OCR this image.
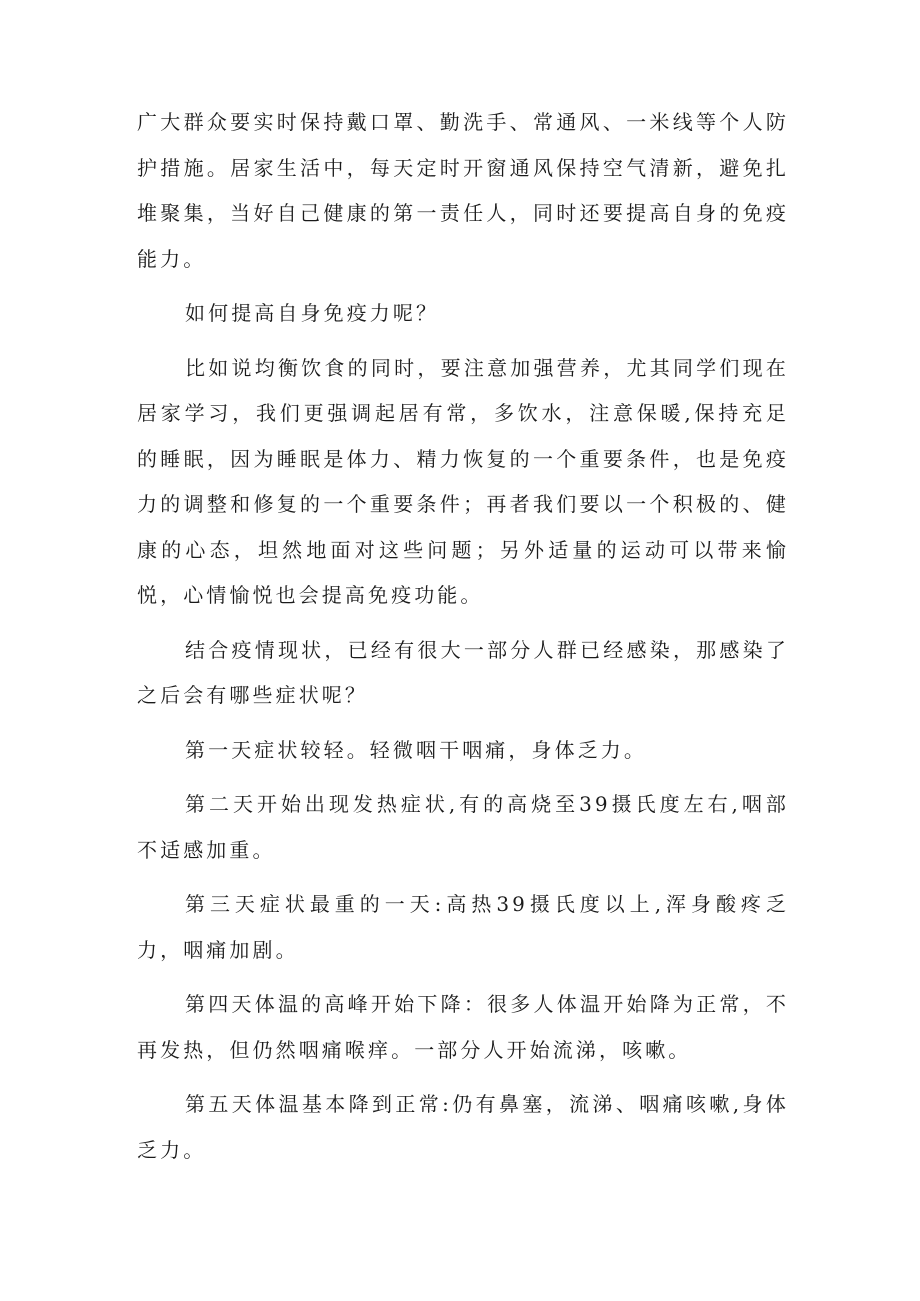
广大群众要实时保持戴口罩、勤洗手、常通风、一米线等个人防护措施。居家生活中，每天定时开窗通风保持空气清新，避免扎堆聚集，当好自己健康的第一责任人，同时还要提高自身的免疫能力。

如何提高自身免疫力呢？

比如说均衡饮食的同时，要注意加强营养，尤其同学们现在居家学习，我们更强调起居有常，多饮水，注意保暖,保持充足的睡眠，因为睡眠是体力、精力恢复的一个重要条件，也是免疫力的调整和修复的一个重要条件；再者我们要以一个积极的、健康的心态，坦然地面对这些问题；另外适量的运动可以带来愉悦，心情愉悦也会提高免疫功能。

结合疫情现状，已经有很大一部分人群已经感染，那感染了之后会有哪些症状呢？

第一天症状较轻。轻微咽干咽痛，身体乏力。

第二天开始出现发热症状,有的高烧至39摄氏度左右,咽部不适感加重。

第三天症状最重的一天:高热39摄氏度以上,浑身酸疼乏力，咽痛加剧。

第四天体温的高峰开始下降：很多人体温开始降为正常，不再发热，但仍然咽痛喉痒。一部分人开始流涕，咳嗽。

第五天体温基本降到正常:仍有鼻塞，流涕、咽痛咳嗽,身体乏力。
